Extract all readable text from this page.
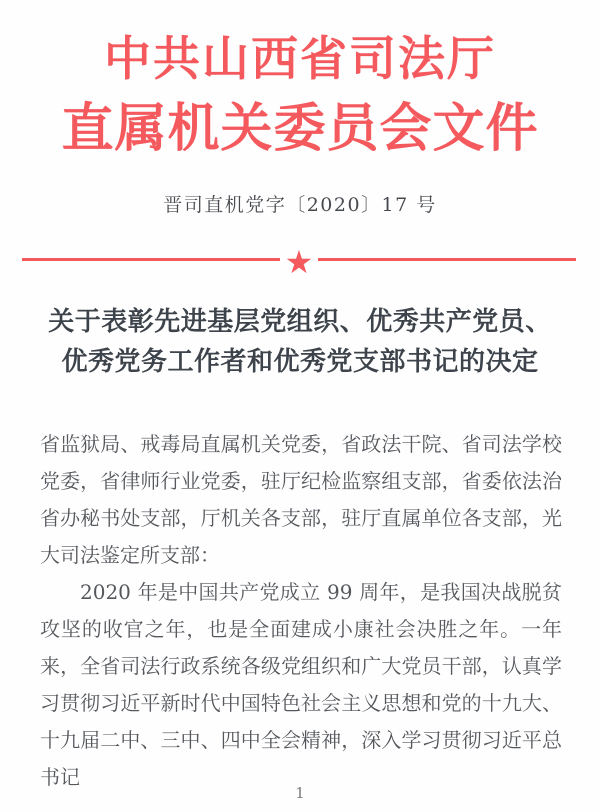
中共山西省司法厅
直属机关委员会文件
晋司直机党字〔2020〕17 号
★
关于表彰先进基层党组织、优秀共产党员、
优秀党务工作者和优秀党支部书记的决定

省监狱局、戒毒局直属机关党委，省政法干院、省司法学校党委，省律师行业党委，驻厅纪检监察组支部，省委依法治省办秘书处支部，厅机关各支部，驻厅直属单位各支部，光大司法鉴定所支部：

2020 年是中国共产党成立 99 周年，是我国决战脱贫攻坚的收官之年，也是全面建成小康社会决胜之年。一年来，全省司法行政系统各级党组织和广大党员干部，认真学习贯彻习近平新时代中国特色社会主义思想和党的十九大、十九届二中、三中、四中全会精神，深入学习贯彻习近平总书记

1
